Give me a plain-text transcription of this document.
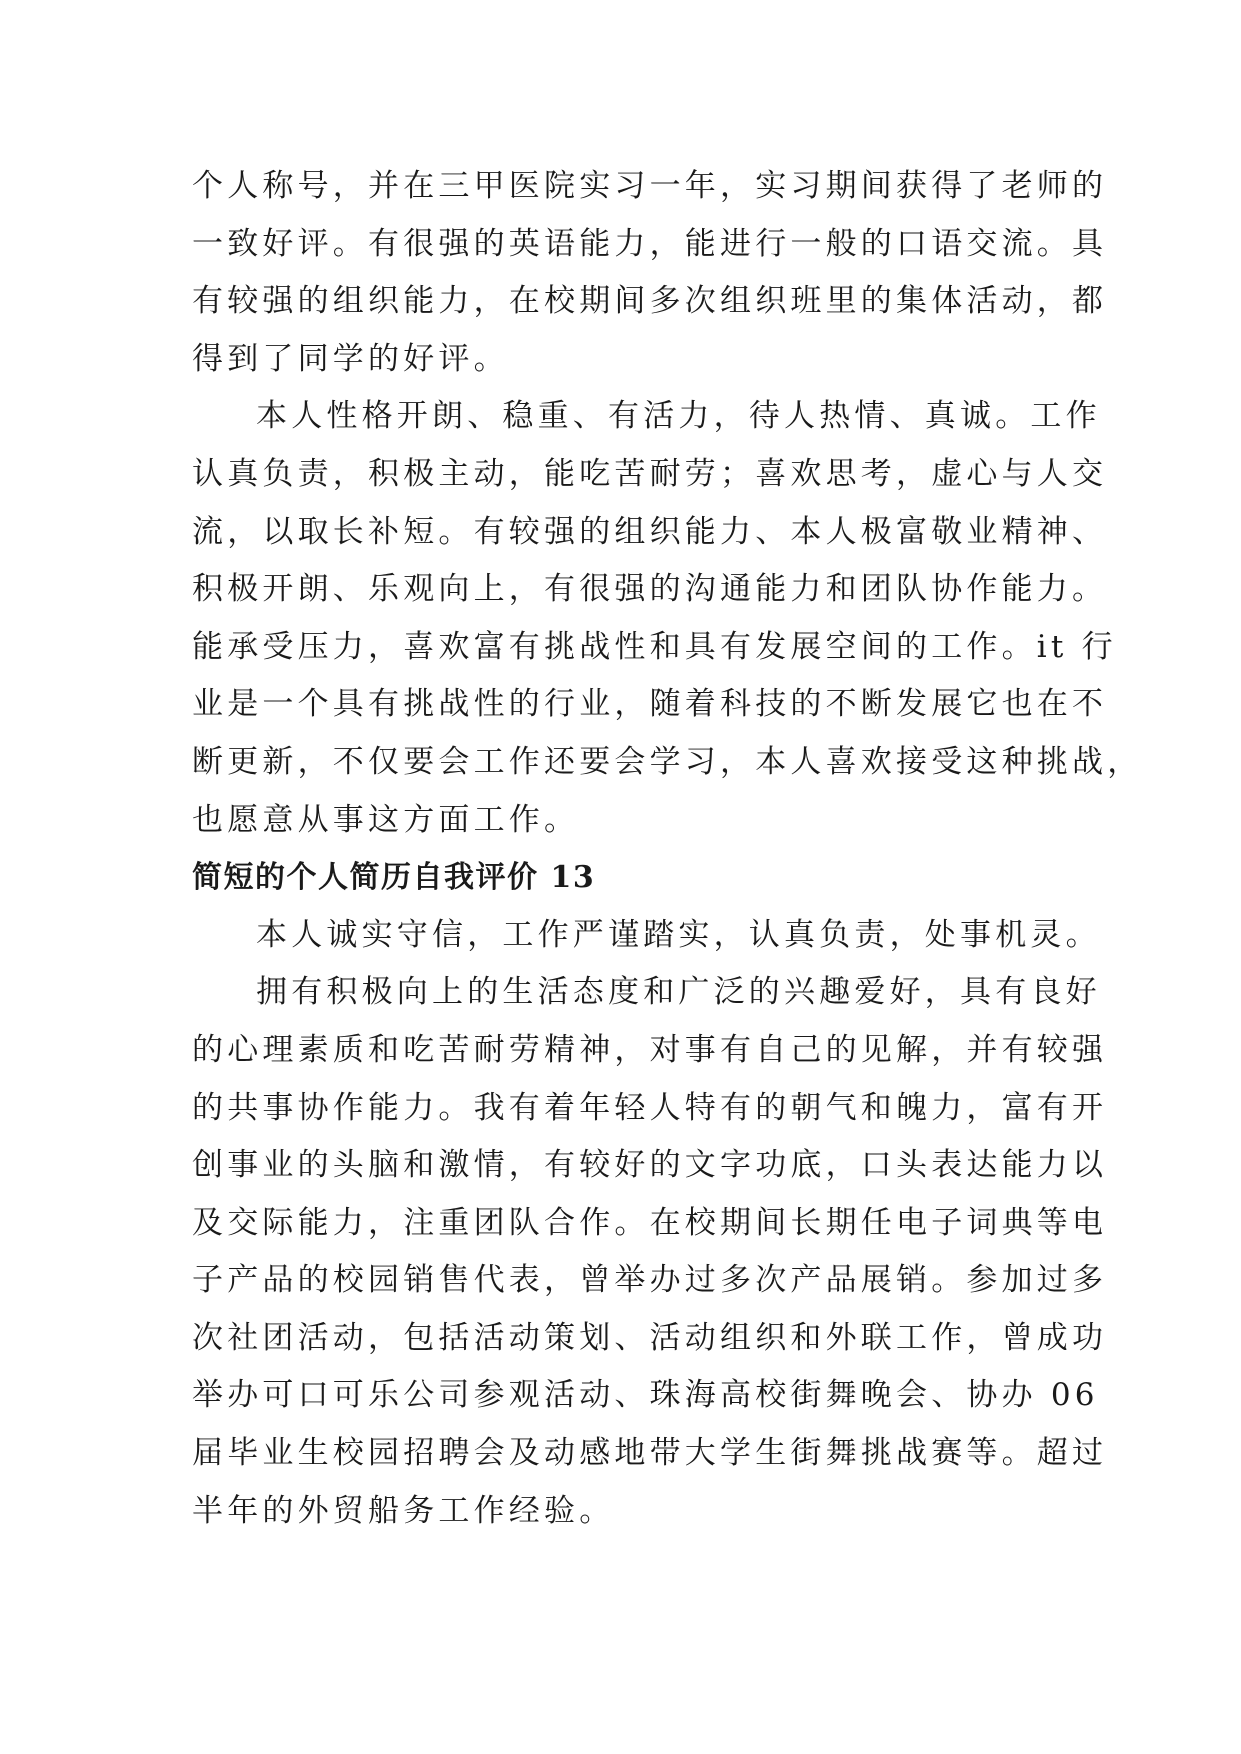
个人称号，并在三甲医院实习一年，实习期间获得了老师的
一致好评。有很强的英语能力，能进行一般的口语交流。具
有较强的组织能力，在校期间多次组织班里的集体活动，都
得到了同学的好评。

本人性格开朗、稳重、有活力，待人热情、真诚。工作
认真负责，积极主动，能吃苦耐劳；喜欢思考，虚心与人交
流，以取长补短。有较强的组织能力、本人极富敬业精神、
积极开朗、乐观向上，有很强的沟通能力和团队协作能力。
能承受压力，喜欢富有挑战性和具有发展空间的工作。it 行
业是一个具有挑战性的行业，随着科技的不断发展它也在不
断更新，不仅要会工作还要会学习，本人喜欢接受这种挑战，
也愿意从事这方面工作。

简短的个人简历自我评价 13

本人诚实守信，工作严谨踏实，认真负责，处事机灵。

拥有积极向上的生活态度和广泛的兴趣爱好，具有良好
的心理素质和吃苦耐劳精神，对事有自己的见解，并有较强
的共事协作能力。我有着年轻人特有的朝气和魄力，富有开
创事业的头脑和激情，有较好的文字功底，口头表达能力以
及交际能力，注重团队合作。在校期间长期任电子词典等电
子产品的校园销售代表，曾举办过多次产品展销。参加过多
次社团活动，包括活动策划、活动组织和外联工作，曾成功
举办可口可乐公司参观活动、珠海高校街舞晚会、协办 06
届毕业生校园招聘会及动感地带大学生街舞挑战赛等。超过
半年的外贸船务工作经验。
